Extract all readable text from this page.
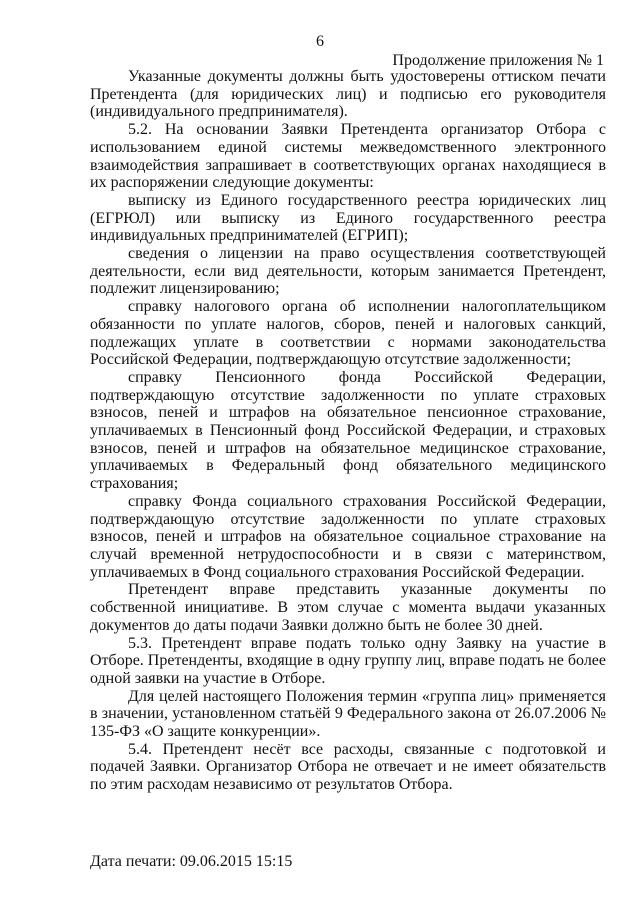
6
Продолжение приложения № 1

Указанные документы должны быть удостоверены оттиском печати Претендента (для юридических лиц) и подписью его руководителя (индивидуального предпринимателя).

5.2. На основании Заявки Претендента организатор Отбора с использованием единой системы межведомственного электронного взаимодействия запрашивает в соответствующих органах находящиеся в их распоряжении следующие документы:

выписку из Единого государственного реестра юридических лиц (ЕГРЮЛ) или выписку из Единого государственного реестра индивидуальных предпринимателей (ЕГРИП);

сведения о лицензии на право осуществления соответствующей деятельности, если вид деятельности, которым занимается Претендент, подлежит лицензированию;

справку налогового органа об исполнении налогоплательщиком обязанности по уплате налогов, сборов, пеней и налоговых санкций, подлежащих уплате в соответствии с нормами законодательства Российской Федерации, подтверждающую отсутствие задолженности;

справку Пенсионного фонда Российской Федерации, подтверждающую отсутствие задолженности по уплате страховых взносов, пеней и штрафов на обязательное пенсионное страхование, уплачиваемых в Пенсионный фонд Российской Федерации, и страховых взносов, пеней и штрафов на обязательное медицинское страхование, уплачиваемых в Федеральный фонд обязательного медицинского страхования;

справку Фонда социального страхования Российской Федерации, подтверждающую отсутствие задолженности по уплате страховых взносов, пеней и штрафов на обязательное социальное страхование на случай временной нетрудоспособности и в связи с материнством, уплачиваемых в Фонд социального страхования Российской Федерации.

Претендент вправе представить указанные документы по собственной инициативе. В этом случае с момента выдачи указанных документов до даты подачи Заявки должно быть не более 30 дней.

5.3. Претендент вправе подать только одну Заявку на участие в Отборе. Претенденты, входящие в одну группу лиц, вправе подать не более одной заявки на участие в Отборе.

Для целей настоящего Положения термин «группа лиц» применяется в значении, установленном статьёй 9 Федерального закона от 26.07.2006 № 135-ФЗ «О защите конкуренции».

5.4. Претендент несёт все расходы, связанные с подготовкой и подачей Заявки. Организатор Отбора не отвечает и не имеет обязательств по этим расходам независимо от результатов Отбора.

Дата печати: 09.06.2015 15:15
